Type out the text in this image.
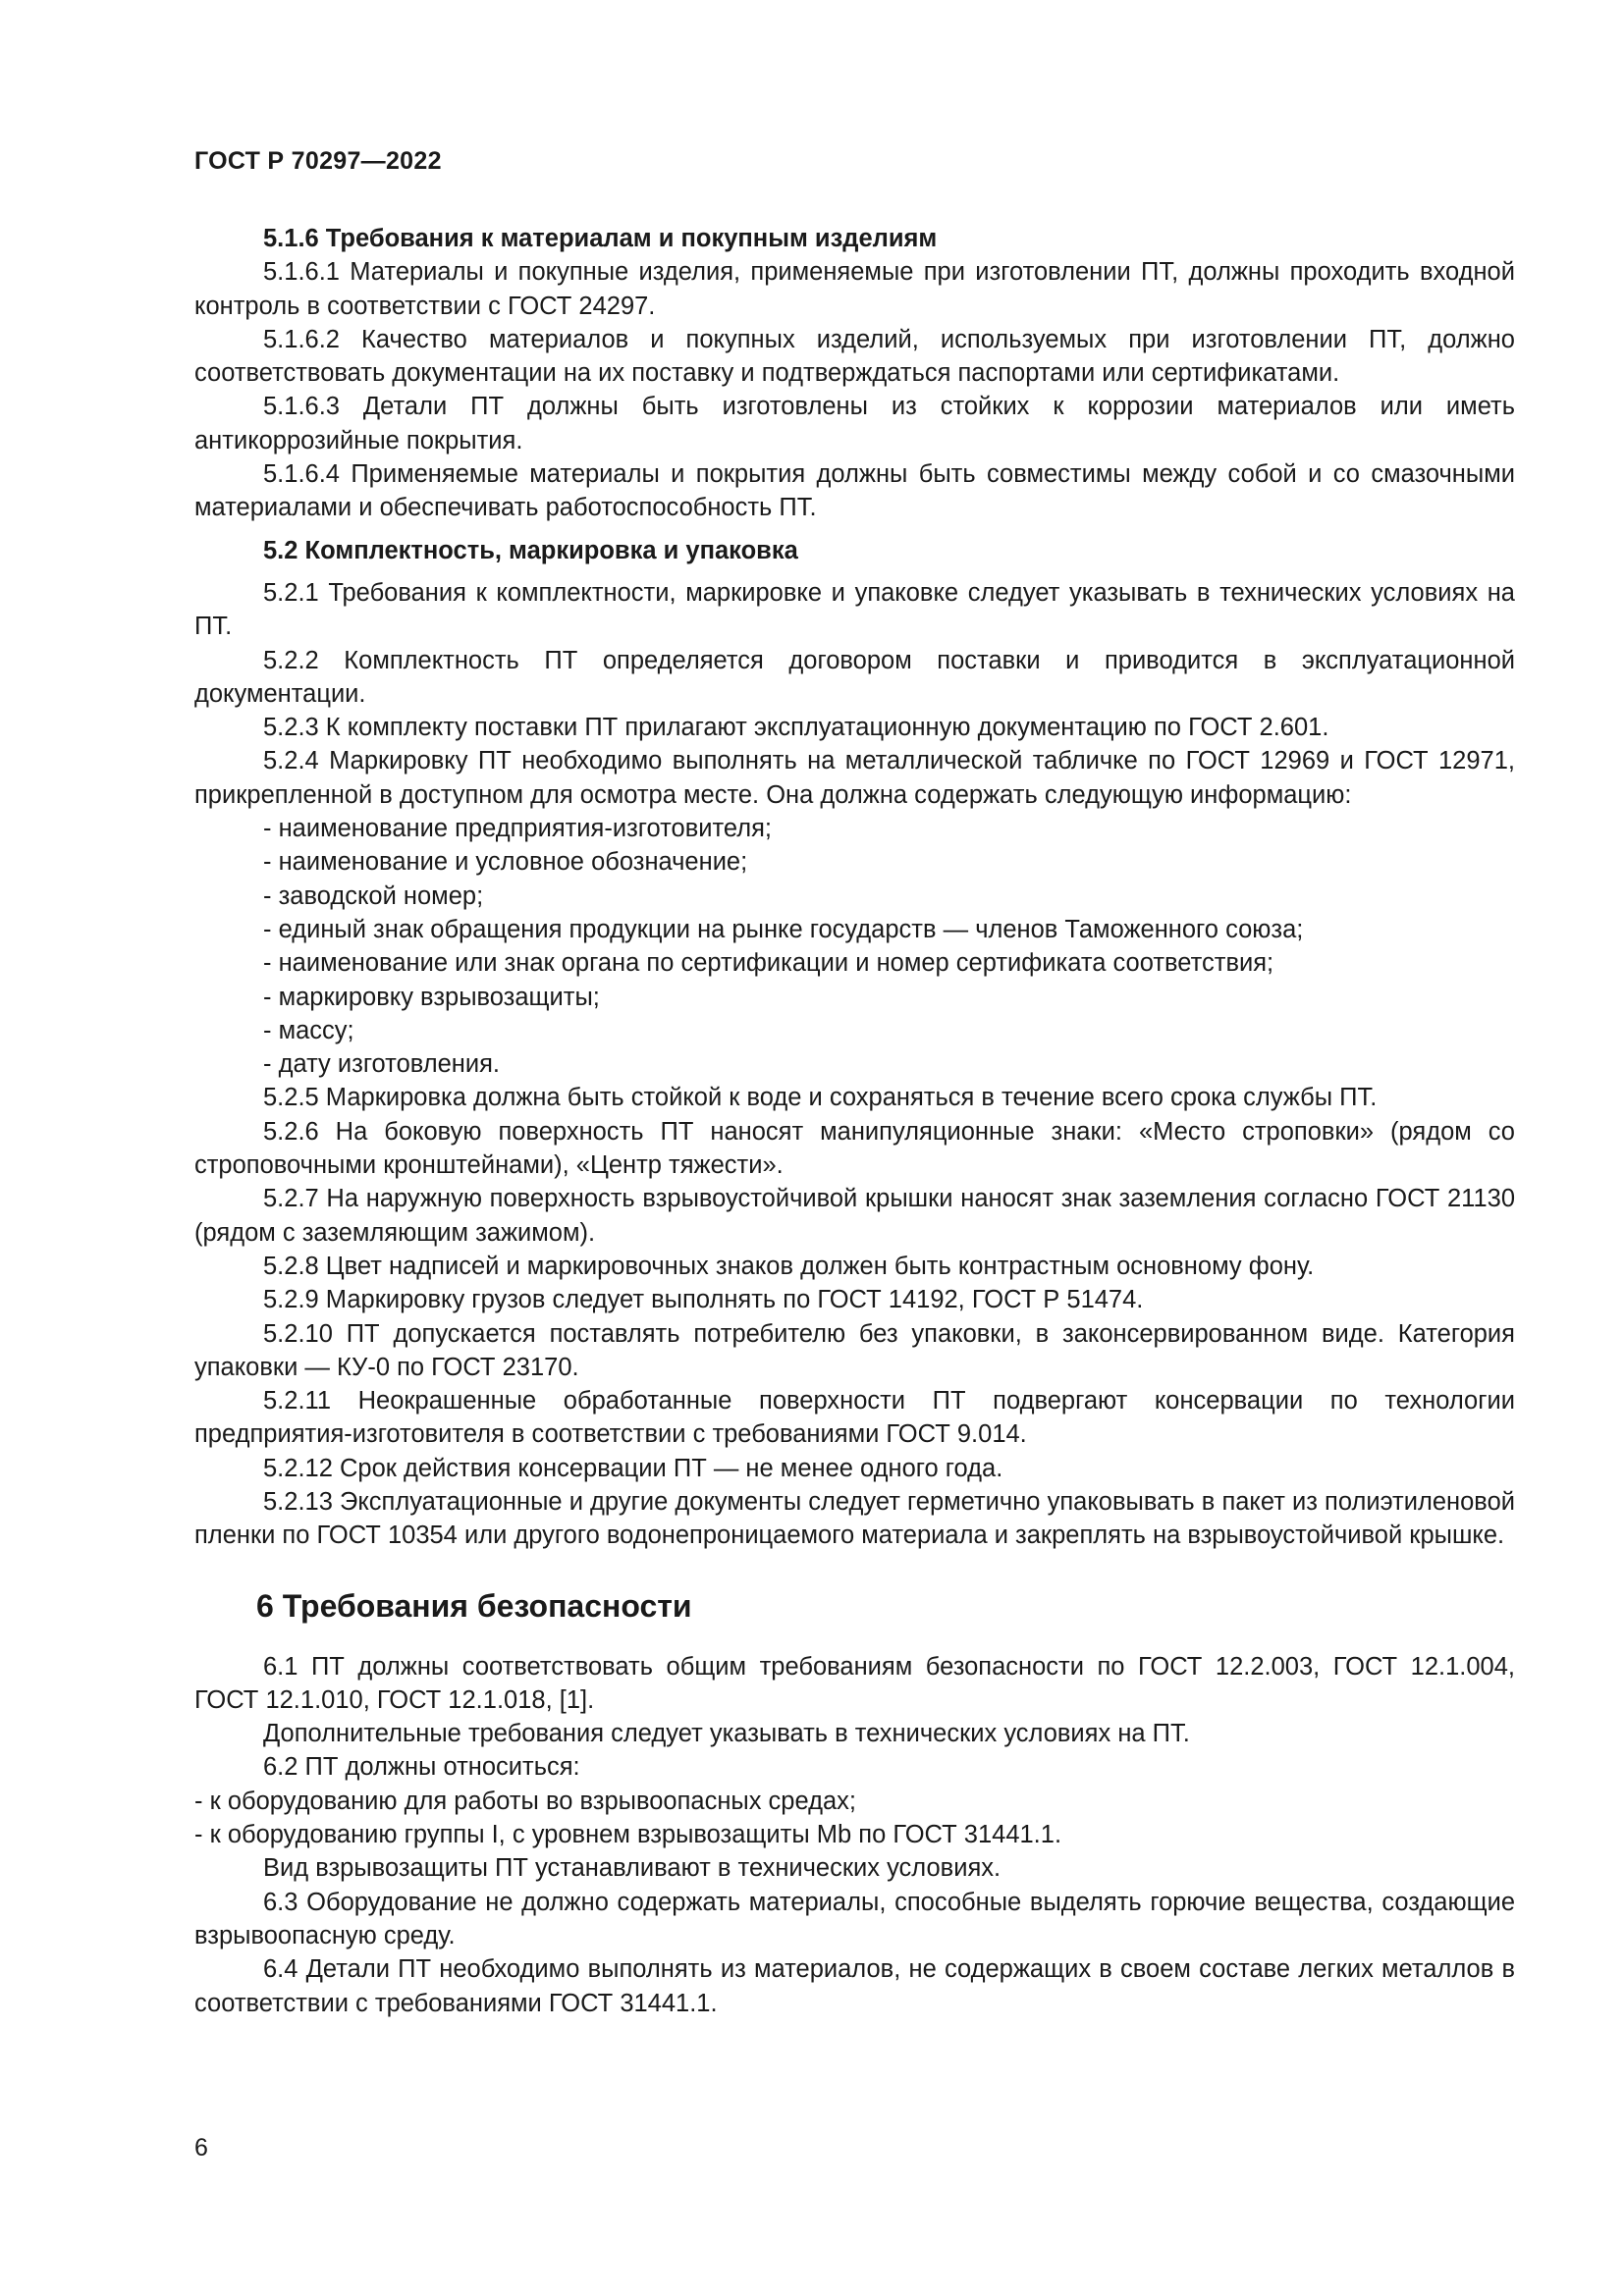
ГОСТ Р 70297—2022
5.1.6 Требования к материалам и покупным изделиям

5.1.6.1 Материалы и покупные изделия, применяемые при изготовлении ПТ, должны проходить входной контроль в соответствии с ГОСТ 24297.

5.1.6.2 Качество материалов и покупных изделий, используемых при изготовлении ПТ, должно соответствовать документации на их поставку и подтверждаться паспортами или сертификатами.

5.1.6.3 Детали ПТ должны быть изготовлены из стойких к коррозии материалов или иметь антикоррозийные покрытия.

5.1.6.4 Применяемые материалы и покрытия должны быть совместимы между собой и со смазочными материалами и обеспечивать работоспособность ПТ.

5.2 Комплектность, маркировка и упаковка

5.2.1 Требования к комплектности, маркировке и упаковке следует указывать в технических условиях на ПТ.

5.2.2 Комплектность ПТ определяется договором поставки и приводится в эксплуатационной документации.

5.2.3 К комплекту поставки ПТ прилагают эксплуатационную документацию по ГОСТ 2.601.

5.2.4 Маркировку ПТ необходимо выполнять на металлической табличке по ГОСТ 12969 и ГОСТ 12971, прикрепленной в доступном для осмотра месте. Она должна содержать следующую информацию:

- наименование предприятия-изготовителя;
- наименование и условное обозначение;
- заводской номер;
- единый знак обращения продукции на рынке государств — членов Таможенного союза;
- наименование или знак органа по сертификации и номер сертификата соответствия;
- маркировку взрывозащиты;
- массу;
- дату изготовления.

5.2.5 Маркировка должна быть стойкой к воде и сохраняться в течение всего срока службы ПТ.

5.2.6 На боковую поверхность ПТ наносят манипуляционные знаки: «Место строповки» (рядом со строповочными кронштейнами), «Центр тяжести».

5.2.7 На наружную поверхность взрывоустойчивой крышки наносят знак заземления согласно ГОСТ 21130 (рядом с заземляющим зажимом).

5.2.8 Цвет надписей и маркировочных знаков должен быть контрастным основному фону.

5.2.9 Маркировку грузов следует выполнять по ГОСТ 14192, ГОСТ Р 51474.

5.2.10 ПТ допускается поставлять потребителю без упаковки, в законсервированном виде. Категория упаковки — КУ-0 по ГОСТ 23170.

5.2.11 Неокрашенные обработанные поверхности ПТ подвергают консервации по технологии предприятия-изготовителя в соответствии с требованиями ГОСТ 9.014.

5.2.12 Срок действия консервации ПТ — не менее одного года.

5.2.13 Эксплуатационные и другие документы следует герметично упаковывать в пакет из полиэтиленовой пленки по ГОСТ 10354 или другого водонепроницаемого материала и закреплять на взрывоустойчивой крышке.

6 Требования безопасности

6.1 ПТ должны соответствовать общим требованиям безопасности по ГОСТ 12.2.003, ГОСТ 12.1.004, ГОСТ 12.1.010, ГОСТ 12.1.018, [1].

Дополнительные требования следует указывать в технических условиях на ПТ.

6.2 ПТ должны относиться:

- к оборудованию для работы во взрывоопасных средах;
- к оборудованию группы I, с уровнем взрывозащиты Mb по ГОСТ 31441.1.

Вид взрывозащиты ПТ устанавливают в технических условиях.

6.3 Оборудование не должно содержать материалы, способные выделять горючие вещества, создающие взрывоопасную среду.

6.4 Детали ПТ необходимо выполнять из материалов, не содержащих в своем составе легких металлов в соответствии с требованиями ГОСТ 31441.1.

6
